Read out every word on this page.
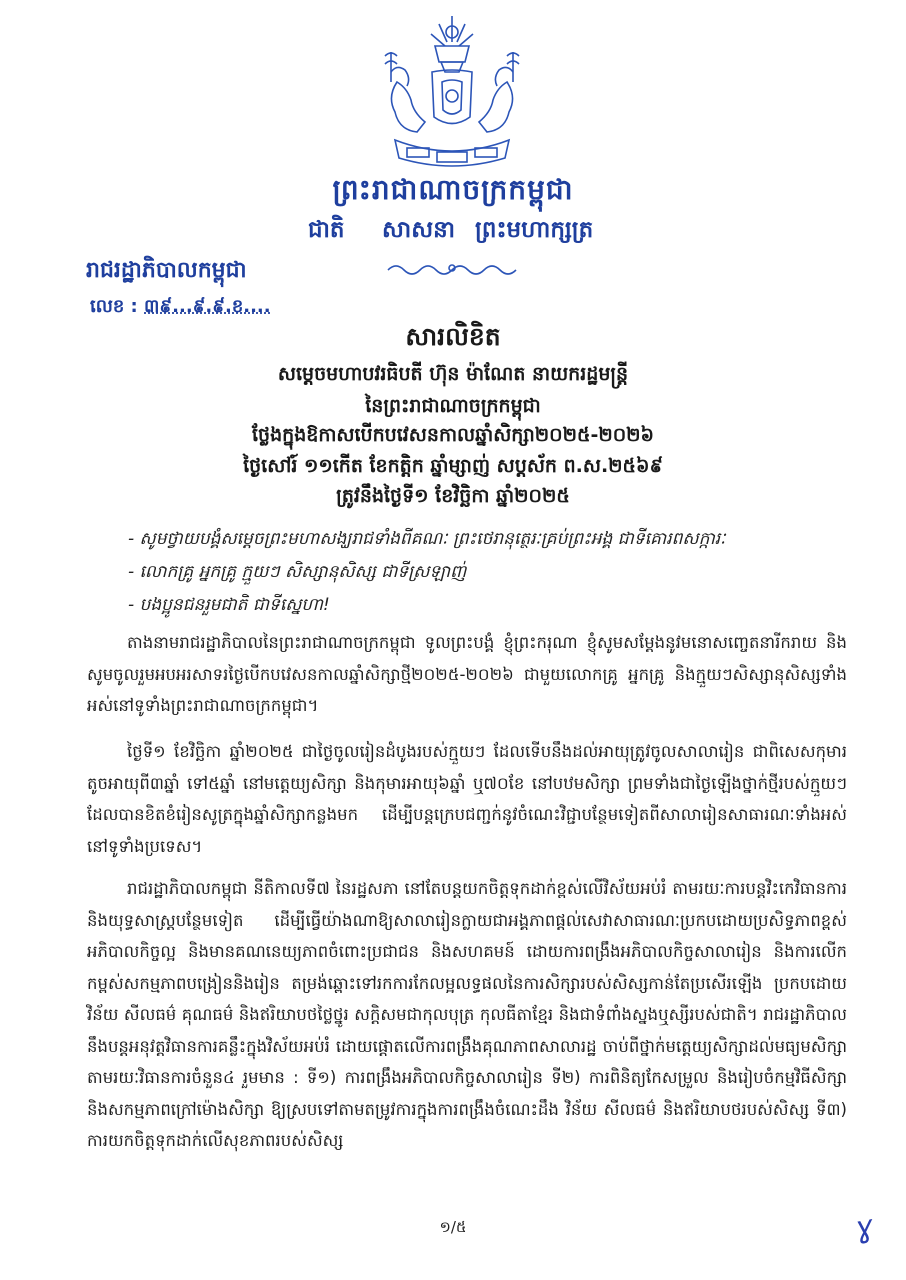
ព្រះរាជាណាចក្រកម្ពុជា
ជាតិ សាសនា ព្រះមហាក្សត្រ
រាជរដ្ឋាភិបាលកម្ពុជា
លេខ : ៣៩...៩.៩.ខ....
សារលិខិត
សម្តេចមហាបវរធិបតី ហ៊ុន ម៉ាណែត នាយករដ្ឋមន្ត្រី
នៃព្រះរាជាណាចក្រកម្ពុជា
ថ្លែងក្នុងឱកាសបើកបវេសនកាលឆ្នាំសិក្សា២០២៥-២០២៦
ថ្ងៃសៅរ៍ ១១កើត ខែកត្តិក ឆ្នាំម្សាញ់ សប្តស័ក ព.ស.២៥៦៩
ត្រូវនឹងថ្ងៃទី១ ខែវិច្ឆិកា ឆ្នាំ២០២៥
- សូមថ្វាយបង្គំសម្តេចព្រះមហាសង្ឃរាជទាំងពីគណៈ ព្រះថេរានុត្ថេរៈគ្រប់ព្រះអង្គ ជាទីគោរពសក្ការៈ
- លោកគ្រូ អ្នកគ្រូ ក្មួយៗ សិស្សានុសិស្ស ជាទីស្រឡាញ់
- បងប្អូនជនរួមជាតិ ជាទីស្នេហា!
តាងនាមរាជរដ្ឋាភិបាលនៃព្រះរាជាណាចក្រកម្ពុជា ទូលព្រះបង្គំ ខ្ញុំព្រះករុណា ខ្ញុំសូមសម្តែងនូវមនោសញ្ចេតនារីករាយ និងសូមចូលរួមអបអរសាទរថ្ងៃបើកបវេសនកាលឆ្នាំសិក្សាថ្មី២០២៥-២០២៦ ជាមួយលោកគ្រូ អ្នកគ្រូ និងក្មួយៗសិស្សានុសិស្សទាំងអស់នៅទូទាំងព្រះរាជាណាចក្រកម្ពុជា។
ថ្ងៃទី១ ខែវិច្ឆិកា ឆ្នាំ២០២៥ ជាថ្ងៃចូលរៀនដំបូងរបស់ក្មួយៗ ដែលទើបនឹងដល់អាយុត្រូវចូលសាលារៀន ជាពិសេសកុមារតូចអាយុពី៣ឆ្នាំ ទៅ៥ឆ្នាំ នៅមត្តេយ្យសិក្សា និងកុមារអាយុ៦ឆ្នាំ ឬ៧០ខែ នៅបឋមសិក្សា ព្រមទាំងជាថ្ងៃឡើងថ្នាក់ថ្មីរបស់ក្មួយៗ ដែលបានខិតខំរៀនសូត្រក្នុងឆ្នាំសិក្សាកន្លងមក ដើម្បីបន្តក្រេបជញ្ជក់នូវចំណេះវិជ្ជាបន្ថែមទៀតពីសាលារៀនសាធារណៈទាំងអស់នៅទូទាំងប្រទេស។
រាជរដ្ឋាភិបាលកម្ពុជា នីតិកាលទី៧ នៃរដ្ឋសភា នៅតែបន្តយកចិត្តទុកដាក់ខ្ពស់លើវិស័យអប់រំ តាមរយៈការបន្តវិះកេវិធានការ និងយុទ្ធសាស្ត្របន្ថែមទៀត ដើម្បីធ្វើយ៉ាងណាឱ្យសាលារៀនក្លាយជាអង្គភាពផ្តល់សេវាសាធារណៈប្រកបដោយប្រសិទ្ធភាពខ្ពស់ អភិបាលកិច្ចល្អ និងមានគណនេយ្យភាពចំពោះប្រជាជន និងសហគមន៍ ដោយការពង្រឹងអភិបាលកិច្ចសាលារៀន និងការលើកកម្ពស់សកម្មភាពបង្រៀននិងរៀន តម្រង់ឆ្ពោះទៅរកការកែលម្អលទ្ធផលនៃការសិក្សារបស់សិស្សកាន់តែប្រសើរឡើង ប្រកបដោយវិន័យ សីលធម៌ គុណធម៌ និងឥរិយាបថថ្លៃថ្នូរ សក្តិសមជាកុលបុត្រ កុលធីតាខ្មែរ និងជាទំពាំងស្នងឬស្សីរបស់ជាតិ។ រាជរដ្ឋាភិបាលនឹងបន្តអនុវត្តវិធានការគន្លឹះក្នុងវិស័យអប់រំ ដោយផ្តោតលើការពង្រឹងគុណភាពសាលារដ្ឋ ចាប់ពីថ្នាក់មត្តេយ្យសិក្សាដល់មធ្យមសិក្សា តាមរយៈវិធានការចំនួន៤ រួមមាន : ទី១) ការពង្រឹងអភិបាលកិច្ចសាលារៀន ទី២) ការពិនិត្យកែសម្រួល និងរៀបចំកម្មវិធីសិក្សា និងសកម្មភាពក្រៅម៉ោងសិក្សា ឱ្យស្របទៅតាមតម្រូវការក្នុងការពង្រឹងចំណេះដឹង វិន័យ សីលធម៌ និងឥរិយាបថរបស់សិស្ស ទី៣) ការយកចិត្តទុកដាក់លើសុខភាពរបស់សិស្ស
១/៥	ɣ
